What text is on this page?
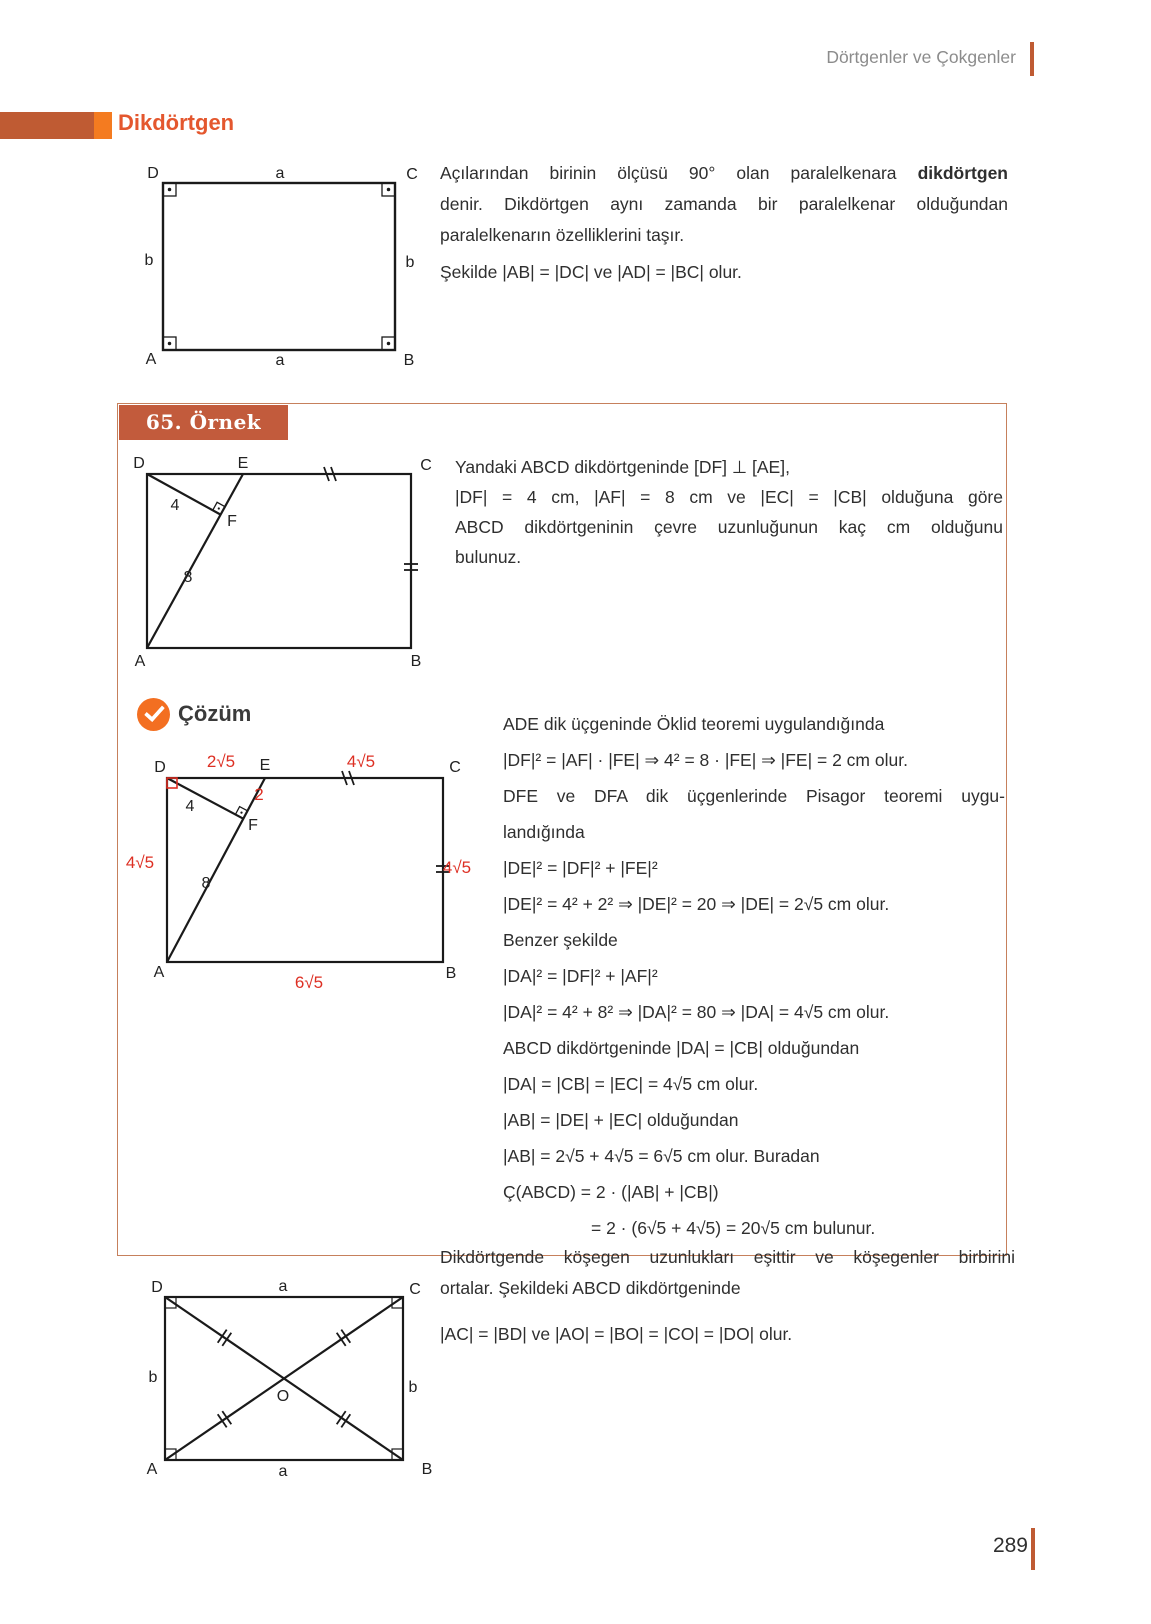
Dörtgenler ve Çokgenler
Dikdörtgen
D	a	C
b	b
A	a	B
Açılarından birinin ölçüsü 90° olan paralelkenara dikdörtgen
denir. Dikdörtgen aynı zamanda bir paralelkenar olduğundan
paralelkenarın özelliklerini taşır.
Şekilde |AB| = |DC| ve |AD| = |BC| olur.
65. Örnek
D	E	C
A	B
F
4
8
Yandaki ABCD dikdörtgeninde [DF] ⊥ [AE],
|DF| = 4 cm, |AF| = 8 cm ve |EC| = |CB| olduğuna göre
ABCD dikdörtgeninin çevre uzunluğunun kaç cm olduğunu
bulunuz.
Çözüm
D	E	C
A	B
F
4
8
2√5	4√5
2
4√5	4√5
6√5
ADE dik üçgeninde Öklid teoremi uygulandığında
|DF|² = |AF| · |FE| ⇒ 4² = 8 · |FE| ⇒ |FE| = 2 cm olur.
DFE ve DFA dik üçgenlerinde Pisagor teoremi uygu-
landığında
|DE|² = |DF|² + |FE|²
|DE|² = 4² + 2² ⇒ |DE|² = 20 ⇒ |DE| = 2√5 cm olur.
Benzer şekilde
|DA|² = |DF|² + |AF|²
|DA|² = 4² + 8² ⇒ |DA|² = 80 ⇒ |DA| = 4√5 cm olur.
ABCD dikdörtgeninde |DA| = |CB| olduğundan
|DA| = |CB| = |EC| = 4√5 cm olur.
|AB| = |DE| + |EC| olduğundan
|AB| = 2√5 + 4√5 = 6√5 cm olur. Buradan
Ç(ABCD) = 2 · (|AB| + |CB|)
= 2 · (6√5 + 4√5) = 20√5 cm bulunur.
D	a	C
b
b
O
A	a	B
Dikdörtgende köşegen uzunlukları eşittir ve köşegenler birbirini
ortalar. Şekildeki ABCD dikdörtgeninde
|AC| = |BD| ve |AO| = |BO| = |CO| = |DO| olur.
289
